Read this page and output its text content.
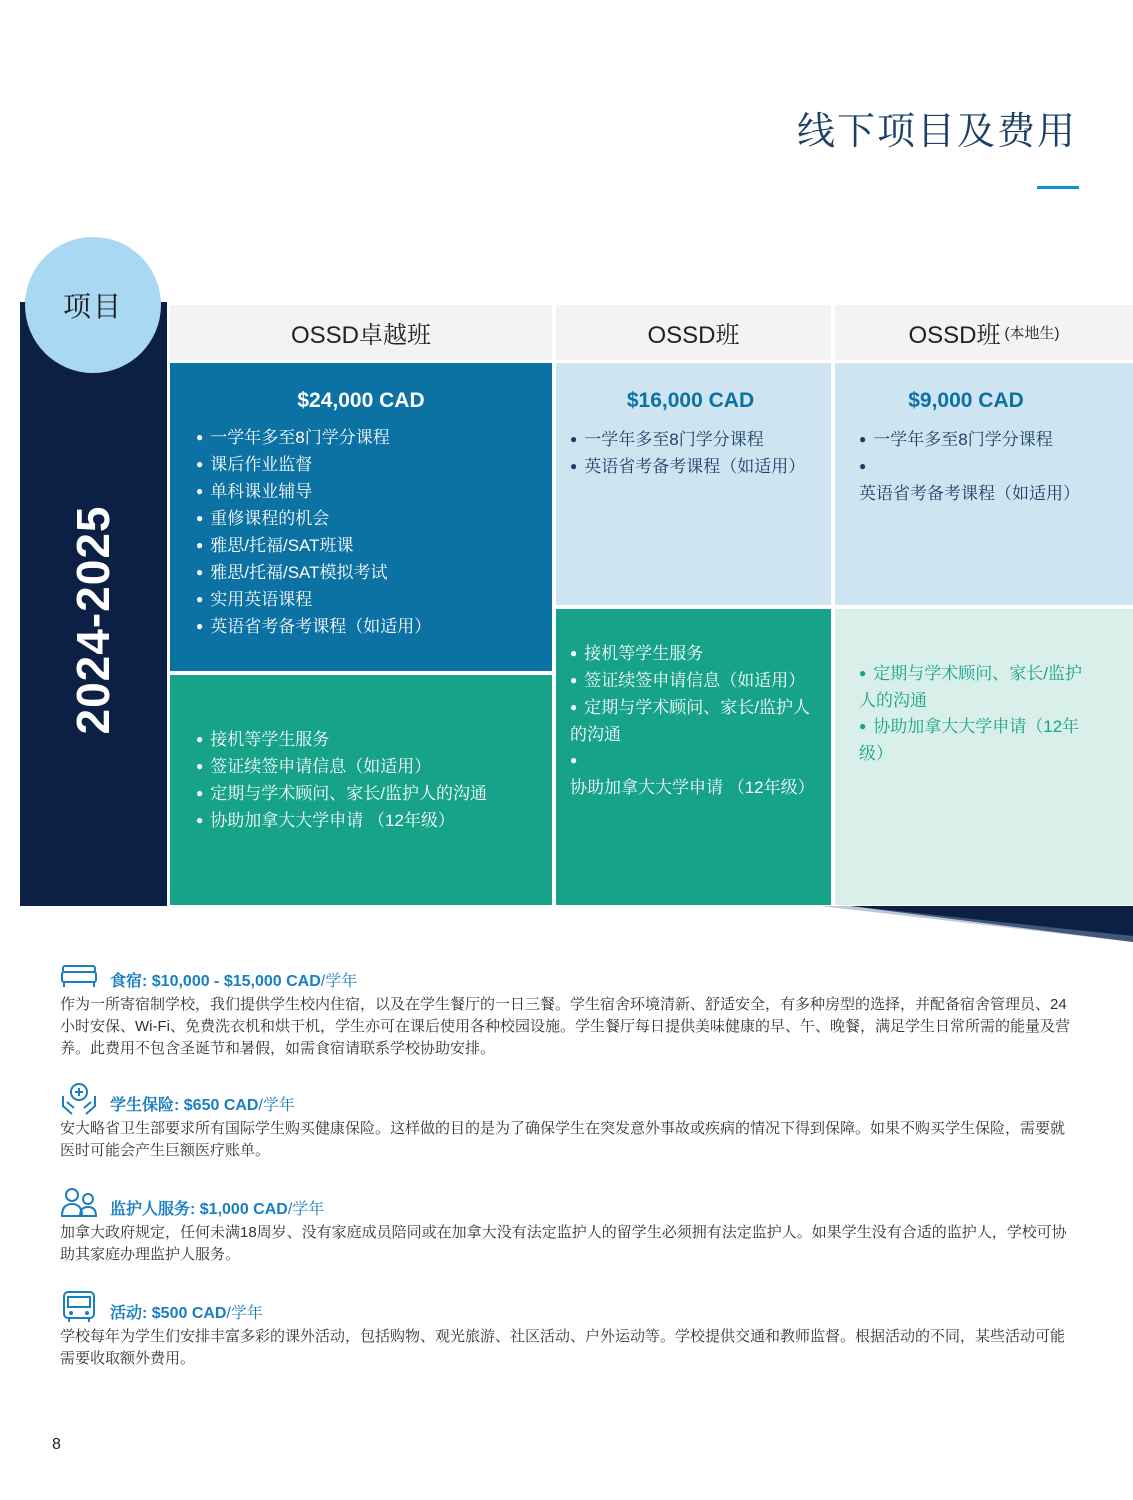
线下项目及费用
2024-2025
项目
OSSD卓越班	OSSD班	OSSD班 (本地生)
$24,000 CAD
● 一学年多至8门学分课程
● 课后作业监督
● 单科课业辅导
● 重修课程的机会
● 雅思/托福/SAT班课
● 雅思/托福/SAT模拟考试
● 实用英语课程
● 英语省考备考课程（如适用）
● 接机等学生服务
● 签证续签申请信息（如适用）
● 定期与学术顾问、家长/监护人的沟通
● 协助加拿大大学申请 （12年级）
$16,000 CAD
● 一学年多至8门学分课程
● 英语省考备考课程（如适用）
● 接机等学生服务
● 签证续签申请信息（如适用）
● 定期与学术顾问、家长/监护人的沟通
● 协助加拿大大学申请 （12年级）
$9,000 CAD
● 一学年多至8门学分课程
● 英语省考备考课程（如适用）
● 定期与学术顾问、家长/监护人的沟通
● 协助加拿大大学申请（12年级）
食宿: $10,000 - $15,000 CAD/学年
作为一所寄宿制学校，我们提供学生校内住宿，以及在学生餐厅的一日三餐。学生宿舍环境清新、舒适安全，有多种房型的选择，并配备宿舍管理员、24小时安保、Wi-Fi、免费洗衣机和烘干机，学生亦可在课后使用各种校园设施。学生餐厅每日提供美味健康的早、午、晚餐，满足学生日常所需的能量及营养。此费用不包含圣诞节和暑假，如需食宿请联系学校协助安排。
学生保险: $650 CAD/学年
安大略省卫生部要求所有国际学生购买健康保险。这样做的目的是为了确保学生在突发意外事故或疾病的情况下得到保障。如果不购买学生保险，需要就医时可能会产生巨额医疗账单。
监护人服务: $1,000 CAD/学年
加拿大政府规定，任何未满18周岁、没有家庭成员陪同或在加拿大没有法定监护人的留学生必须拥有法定监护人。如果学生没有合适的监护人，学校可协助其家庭办理监护人服务。
活动: $500 CAD/学年
学校每年为学生们安排丰富多彩的课外活动，包括购物、观光旅游、社区活动、户外运动等。学校提供交通和教师监督。根据活动的不同，某些活动可能需要收取额外费用。
8
